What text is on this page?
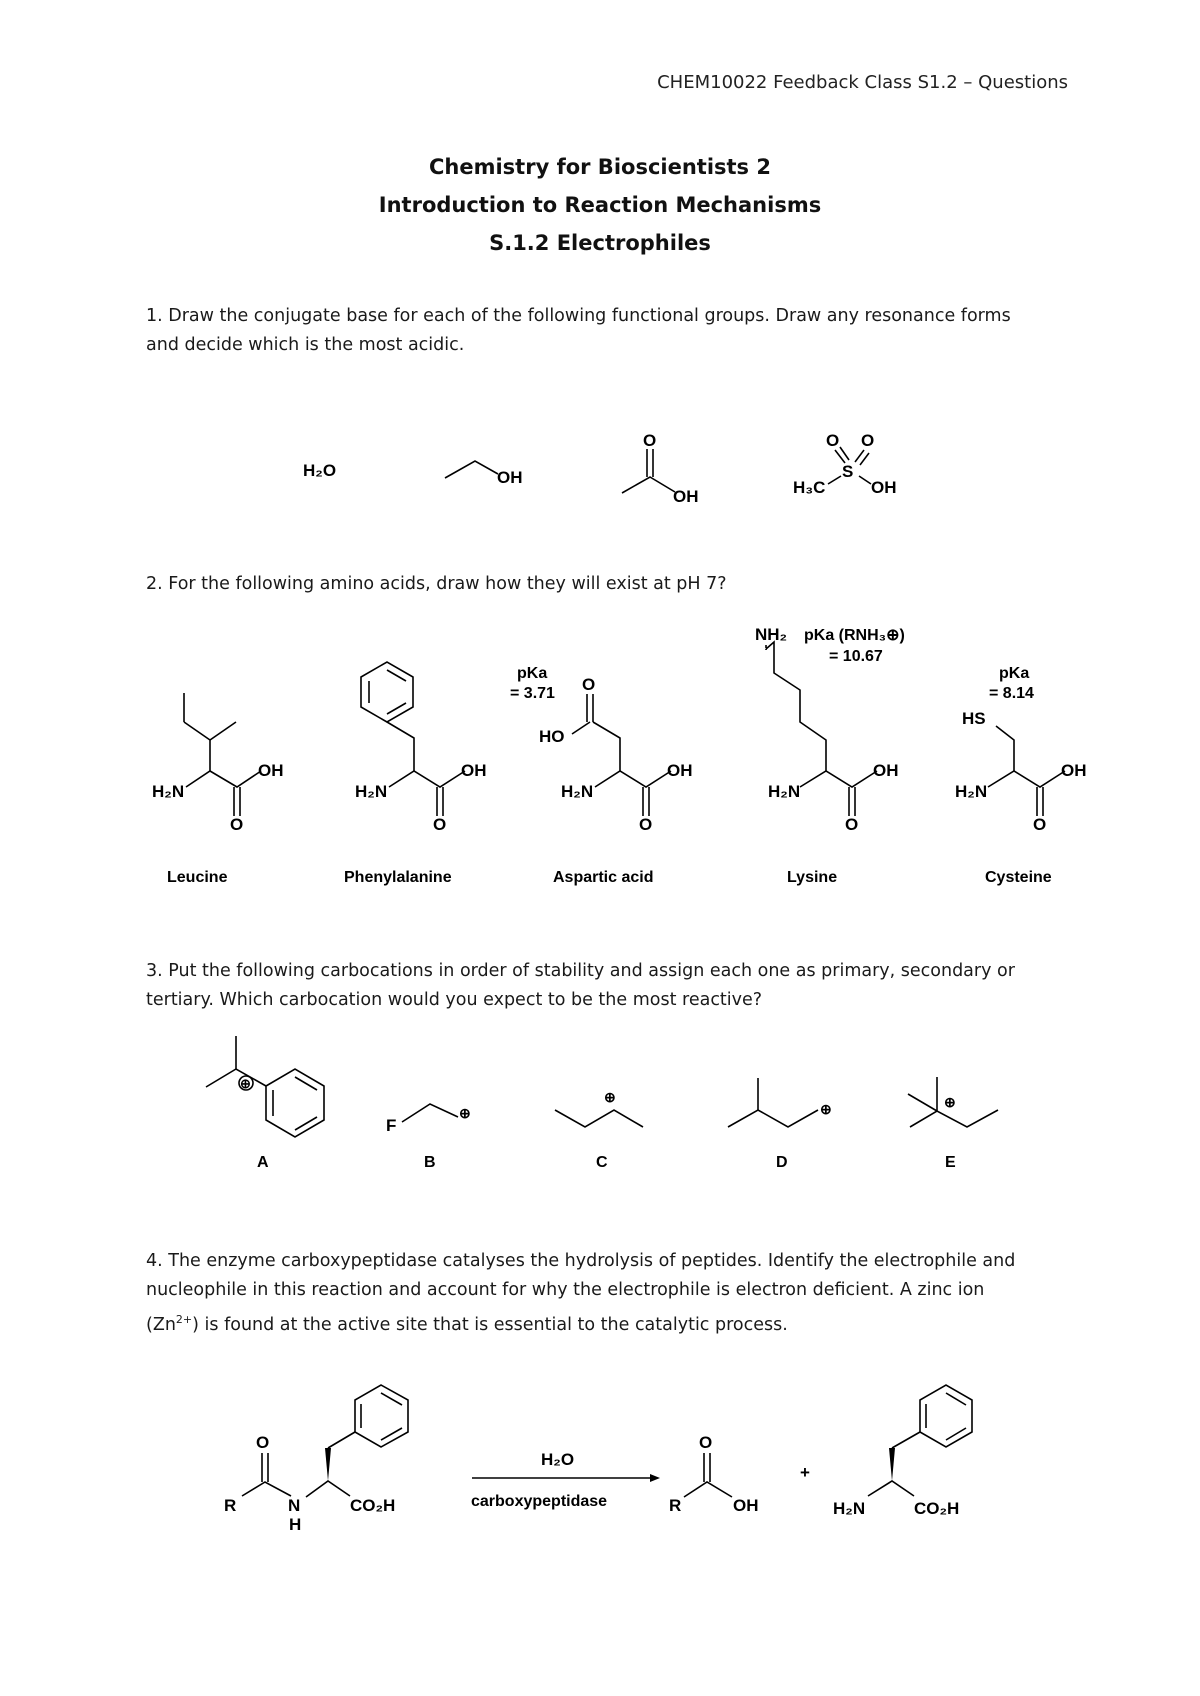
CHEM10022 Feedback Class S1.2 – Questions
Chemistry for Bioscientists 2
Introduction to Reaction Mechanisms
S.1.2 Electrophiles
1. Draw the conjugate base for each of the following functional groups. Draw any resonance forms
and decide which is the most acidic.
2. For the following amino acids, draw how they will exist at pH 7?
3. Put the following carbocations in order of stability and assign each one as primary, secondary or
tertiary. Which carbocation would you expect to be the most reactive?
4. The enzyme carboxypeptidase catalyses the hydrolysis of peptides. Identify the electrophile and
nucleophile in this reaction and account for why the electrophile is electron deficient. A zinc ion
$(Zn^{2+})$ is found at the active site that is essential to the catalytic process.
H₂O	OH
O
OH	H₃C
S
O O
OH
H₂N
OH
O
Leucine
H₂N
OH
O
Phenylalanine
H₂N
OH
O
O
HO
pKa
= 3.71
Aspartic acid
H₂N
OH
O
NH₂ pKa (RNH₃⊕)
= 10.67
Lysine
H₂N
OH
O
HS
pKa
= 8.14
Cysteine
⊕
A
F
⊕
B
⊕
C
⊕
D
⊕
E
R
O
N
H
CO₂H
H₂O
carboxypeptidase	R
O
OH
+
H₂N	CO₂H
